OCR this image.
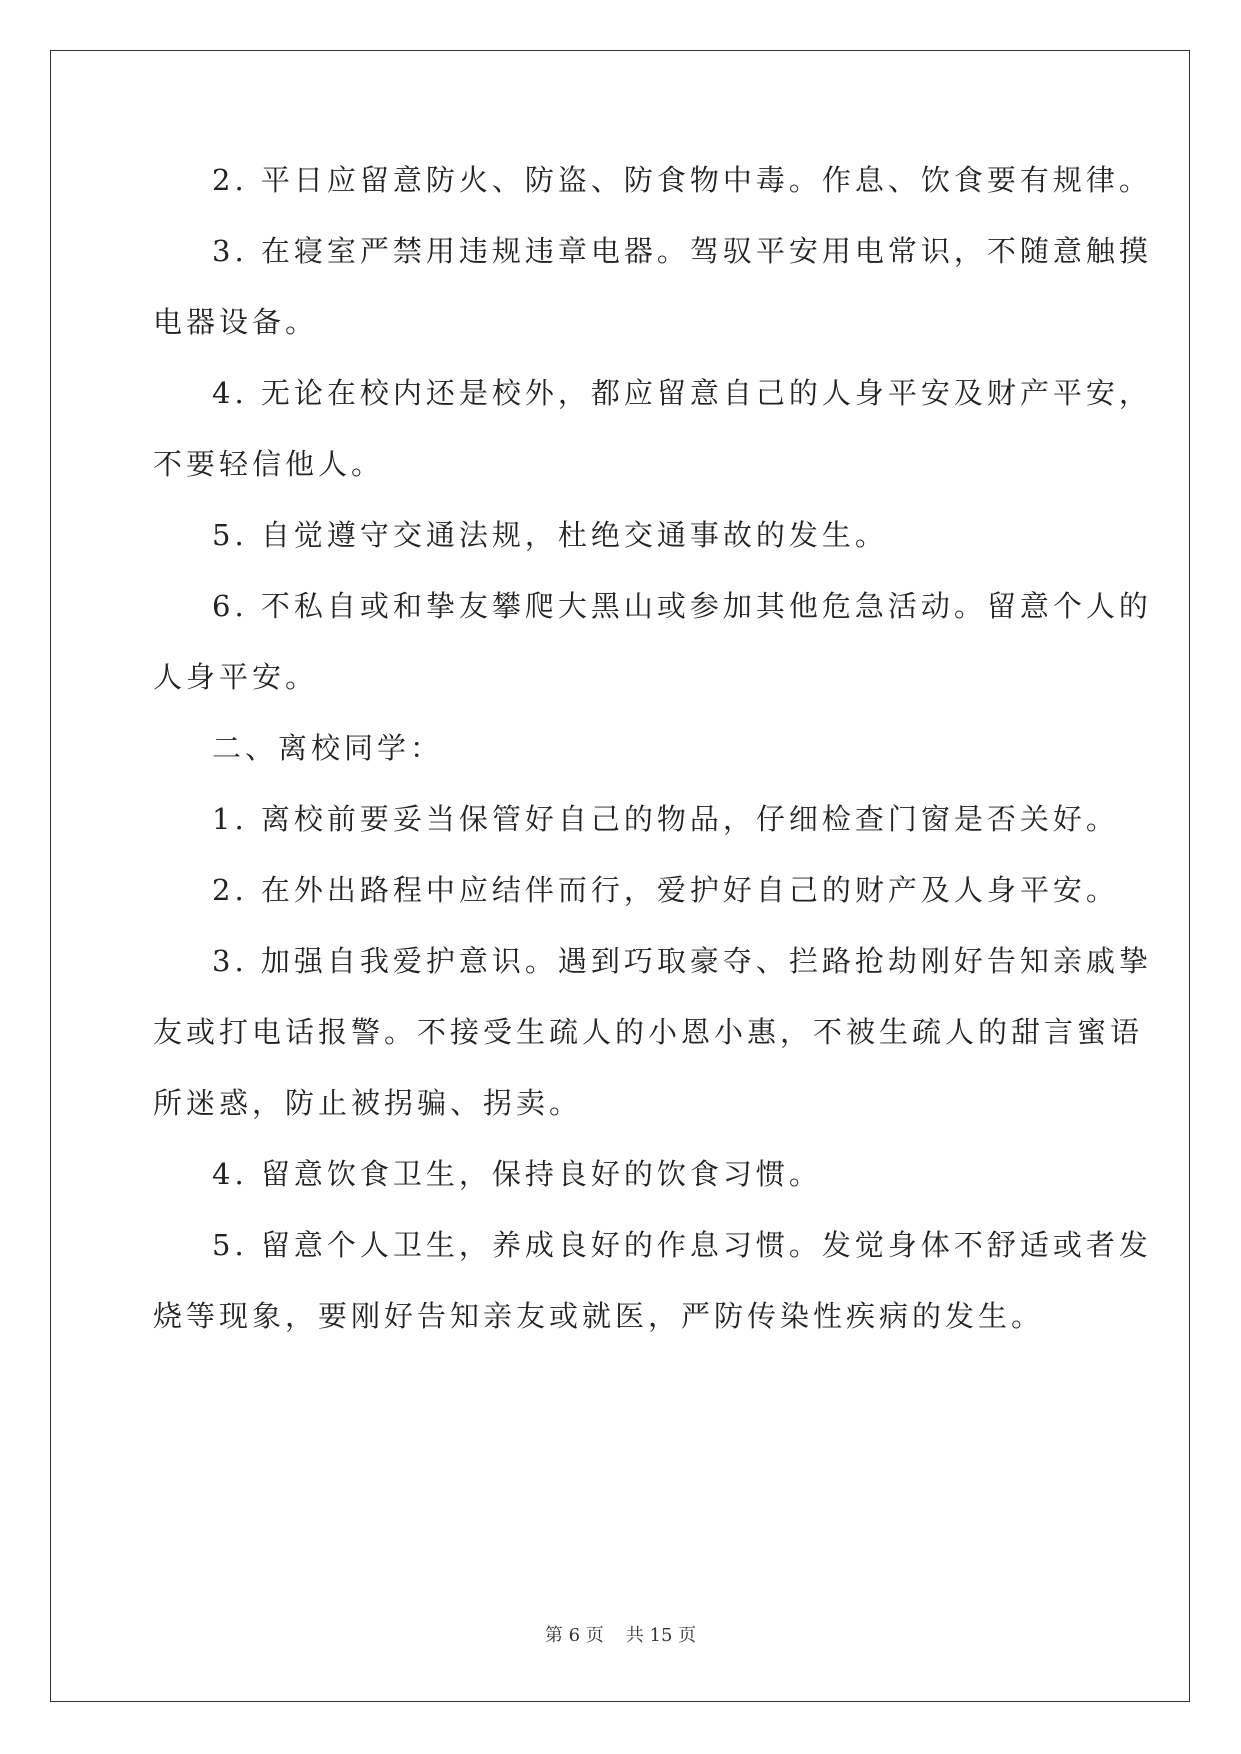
2. 平日应留意防火、防盗、防食物中毒。作息、饮食要有规律。
3. 在寝室严禁用违规违章电器。驾驭平安用电常识，不随意触摸
电器设备。
4. 无论在校内还是校外，都应留意自己的人身平安及财产平安，
不要轻信他人。
5. 自觉遵守交通法规，杜绝交通事故的发生。
6. 不私自或和挚友攀爬大黑山或参加其他危急活动。留意个人的
人身平安。
二、离校同学：
1. 离校前要妥当保管好自己的物品，仔细检查门窗是否关好。
2. 在外出路程中应结伴而行，爱护好自己的财产及人身平安。
3. 加强自我爱护意识。遇到巧取豪夺、拦路抢劫刚好告知亲戚挚
友或打电话报警。不接受生疏人的小恩小惠，不被生疏人的甜言蜜语
所迷惑，防止被拐骗、拐卖。
4. 留意饮食卫生，保持良好的饮食习惯。
5. 留意个人卫生，养成良好的作息习惯。发觉身体不舒适或者发
烧等现象，要刚好告知亲友或就医，严防传染性疾病的发生。
第 6 页 共 15 页
